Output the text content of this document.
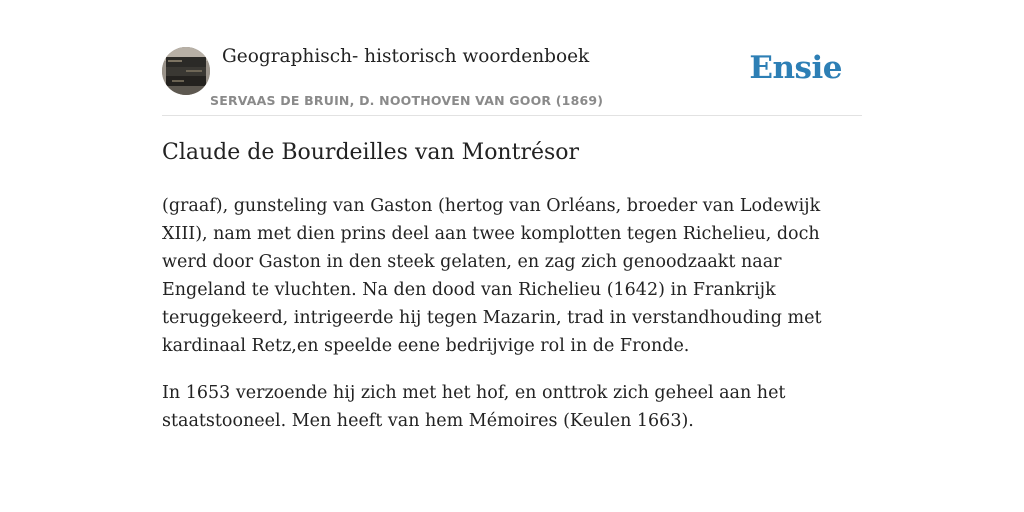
Geographisch- historisch woordenboek
SERVAAS DE BRUIN, D. NOOTHOVEN VAN GOOR (1869)
Ensie
Claude de Bourdeilles van Montrésor

(graaf), gunsteling van Gaston (hertog van Orléans, broeder van Lodewijk XIII), nam met dien prins deel aan twee komplotten tegen Richelieu, doch werd door Gaston in den steek gelaten, en zag zich genoodzaakt naar Engeland te vluchten. Na den dood van Richelieu (1642) in Frankrijk teruggekeerd, intrigeerde hij tegen Mazarin, trad in verstandhouding met kardinaal Retz,en speelde eene bedrijvige rol in de Fronde.

In 1653 verzoende hij zich met het hof, en onttrok zich geheel aan het staatstooneel. Men heeft van hem Mémoires (Keulen 1663).
